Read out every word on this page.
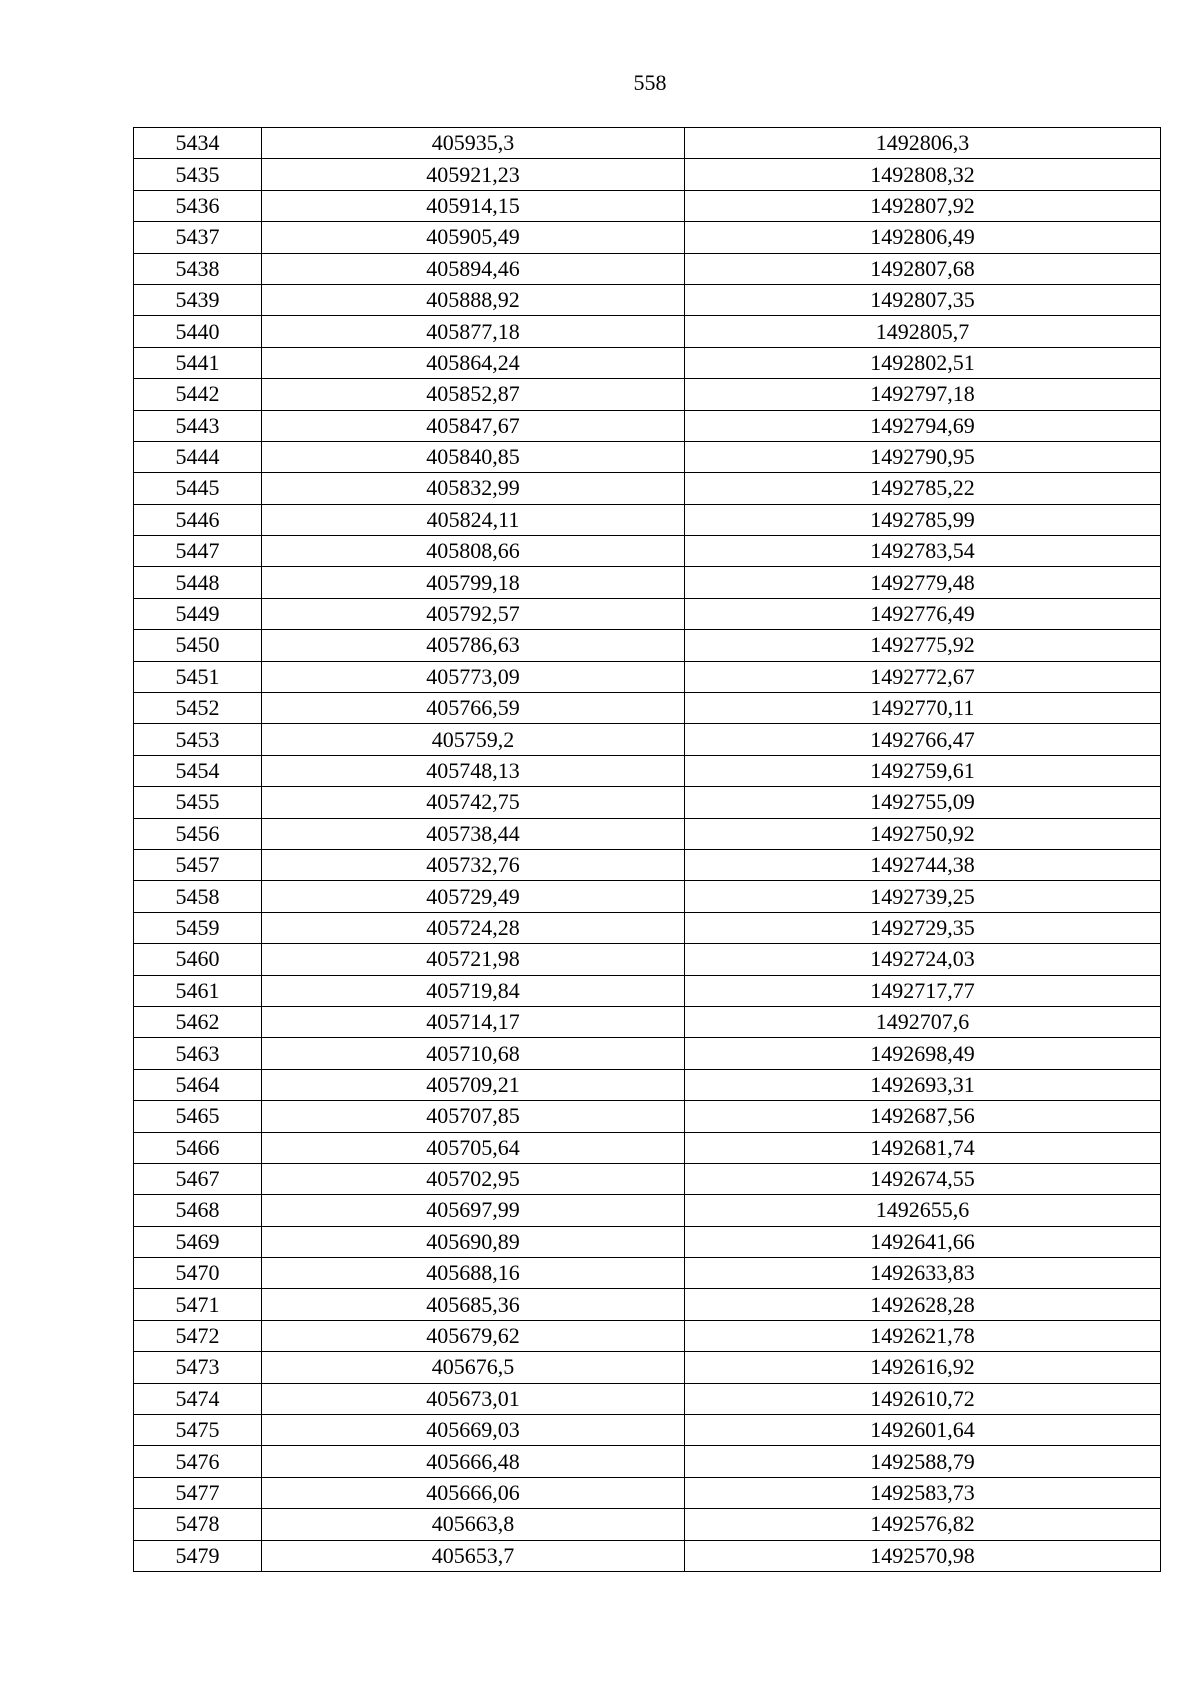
558
5434	405935,3	1492806,3
5435	405921,23	1492808,32
5436	405914,15	1492807,92
5437	405905,49	1492806,49
5438	405894,46	1492807,68
5439	405888,92	1492807,35
5440	405877,18	1492805,7
5441	405864,24	1492802,51
5442	405852,87	1492797,18
5443	405847,67	1492794,69
5444	405840,85	1492790,95
5445	405832,99	1492785,22
5446	405824,11	1492785,99
5447	405808,66	1492783,54
5448	405799,18	1492779,48
5449	405792,57	1492776,49
5450	405786,63	1492775,92
5451	405773,09	1492772,67
5452	405766,59	1492770,11
5453	405759,2	1492766,47
5454	405748,13	1492759,61
5455	405742,75	1492755,09
5456	405738,44	1492750,92
5457	405732,76	1492744,38
5458	405729,49	1492739,25
5459	405724,28	1492729,35
5460	405721,98	1492724,03
5461	405719,84	1492717,77
5462	405714,17	1492707,6
5463	405710,68	1492698,49
5464	405709,21	1492693,31
5465	405707,85	1492687,56
5466	405705,64	1492681,74
5467	405702,95	1492674,55
5468	405697,99	1492655,6
5469	405690,89	1492641,66
5470	405688,16	1492633,83
5471	405685,36	1492628,28
5472	405679,62	1492621,78
5473	405676,5	1492616,92
5474	405673,01	1492610,72
5475	405669,03	1492601,64
5476	405666,48	1492588,79
5477	405666,06	1492583,73
5478	405663,8	1492576,82
5479	405653,7	1492570,98
